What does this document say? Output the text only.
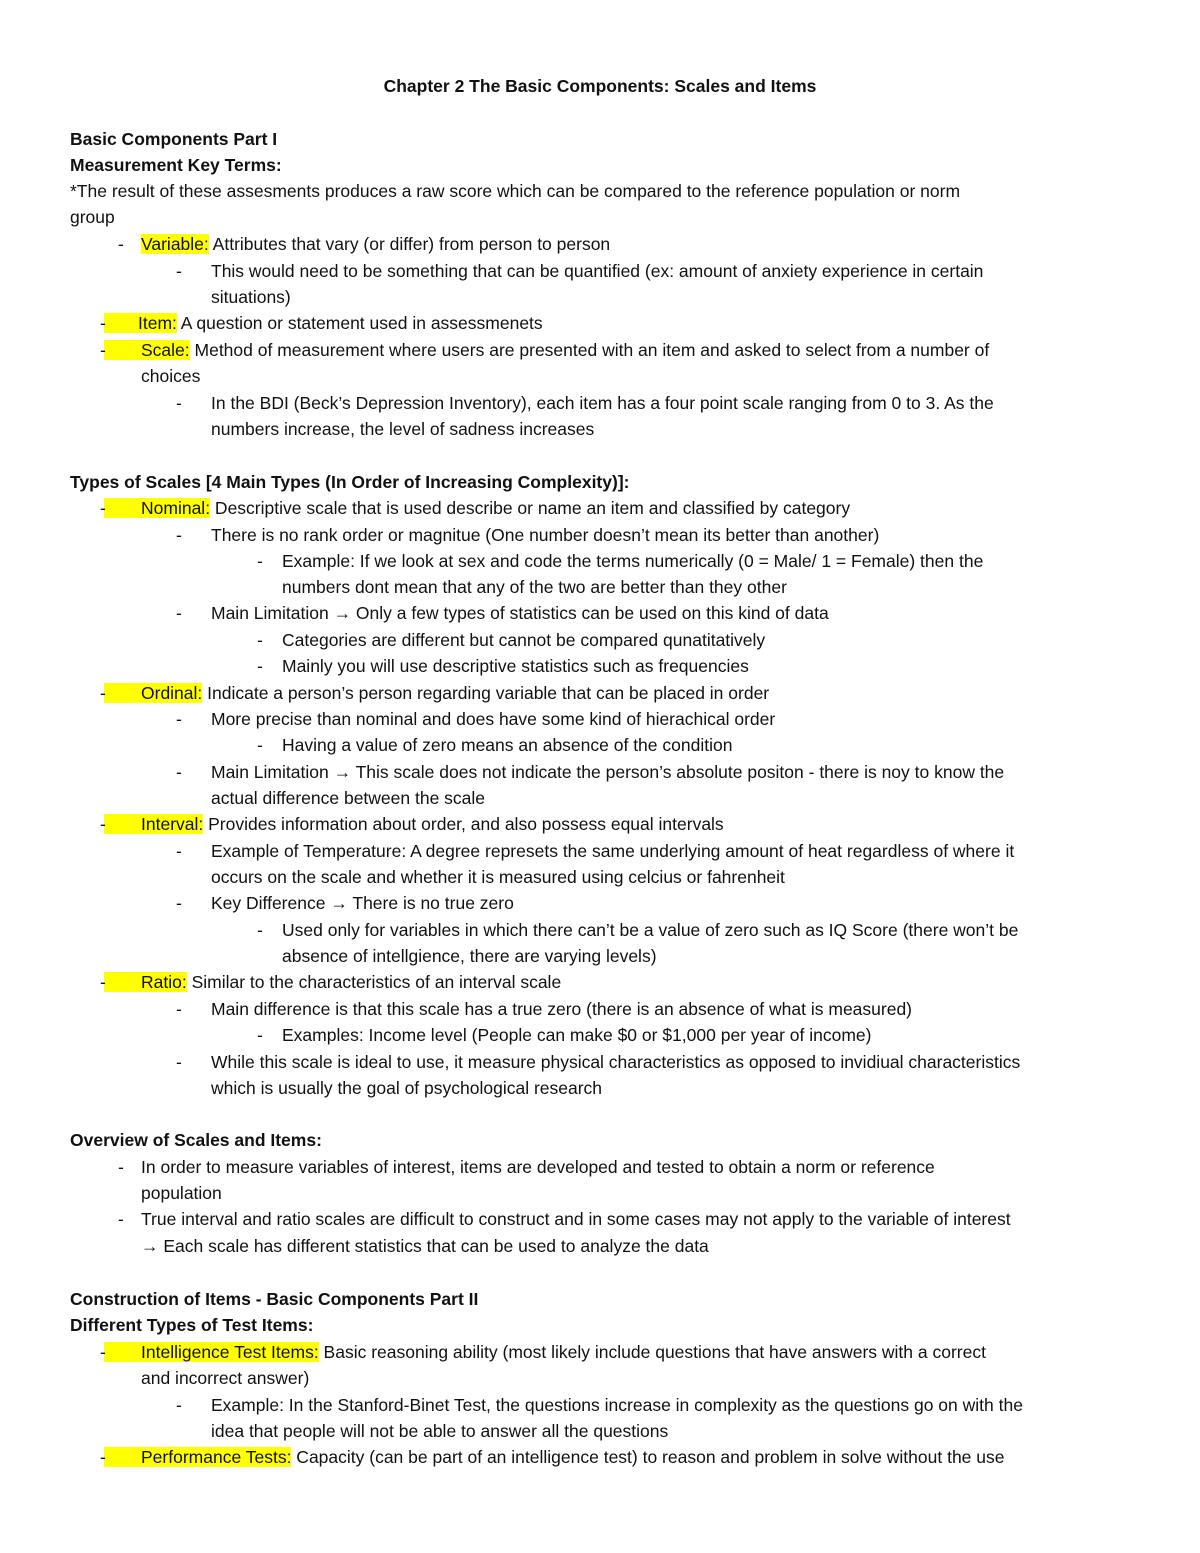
Chapter 2 The Basic Components: Scales and Items
Basic Components Part I
Measurement Key Terms:
*The result of these assesments produces a raw score which can be compared to the reference population or norm
group
- Variable: Attributes that vary (or differ) from person to person
- This would need to be something that can be quantified (ex: amount of anxiety experience in certain
situations)
- Item: A question or statement used in assessmenets
- Scale: Method of measurement where users are presented with an item and asked to select from a number of
choices
- In the BDI (Beck’s Depression Inventory), each item has a four point scale ranging from 0 to 3. As the
numbers increase, the level of sadness increases
Types of Scales [4 Main Types (In Order of Increasing Complexity)]:
- Nominal: Descriptive scale that is used describe or name an item and classified by category
- There is no rank order or magnitue (One number doesn’t mean its better than another)
- Example: If we look at sex and code the terms numerically (0 = Male/ 1 = Female) then the
numbers dont mean that any of the two are better than they other
- Main Limitation → Only a few types of statistics can be used on this kind of data
- Categories are different but cannot be compared qunatitatively
- Mainly you will use descriptive statistics such as frequencies
- Ordinal: Indicate a person’s person regarding variable that can be placed in order
- More precise than nominal and does have some kind of hierachical order
- Having a value of zero means an absence of the condition
- Main Limitation → This scale does not indicate the person’s absolute positon - there is noy to know the
actual difference between the scale
- Interval: Provides information about order, and also possess equal intervals
- Example of Temperature: A degree represets the same underlying amount of heat regardless of where it
occurs on the scale and whether it is measured using celcius or fahrenheit
- Key Difference → There is no true zero
- Used only for variables in which there can’t be a value of zero such as IQ Score (there won’t be
absence of intellgience, there are varying levels)
- Ratio: Similar to the characteristics of an interval scale
- Main difference is that this scale has a true zero (there is an absence of what is measured)
- Examples: Income level (People can make $0 or $1,000 per year of income)
- While this scale is ideal to use, it measure physical characteristics as opposed to invidiual characteristics
which is usually the goal of psychological research
Overview of Scales and Items:
- In order to measure variables of interest, items are developed and tested to obtain a norm or reference
population
- True interval and ratio scales are difficult to construct and in some cases may not apply to the variable of interest
→ Each scale has different statistics that can be used to analyze the data
Construction of Items - Basic Components Part II
Different Types of Test Items:
- Intelligence Test Items: Basic reasoning ability (most likely include questions that have answers with a correct
and incorrect answer)
- Example: In the Stanford-Binet Test, the questions increase in complexity as the questions go on with the
idea that people will not be able to answer all the questions
- Performance Tests: Capacity (can be part of an intelligence test) to reason and problem in solve without the use
